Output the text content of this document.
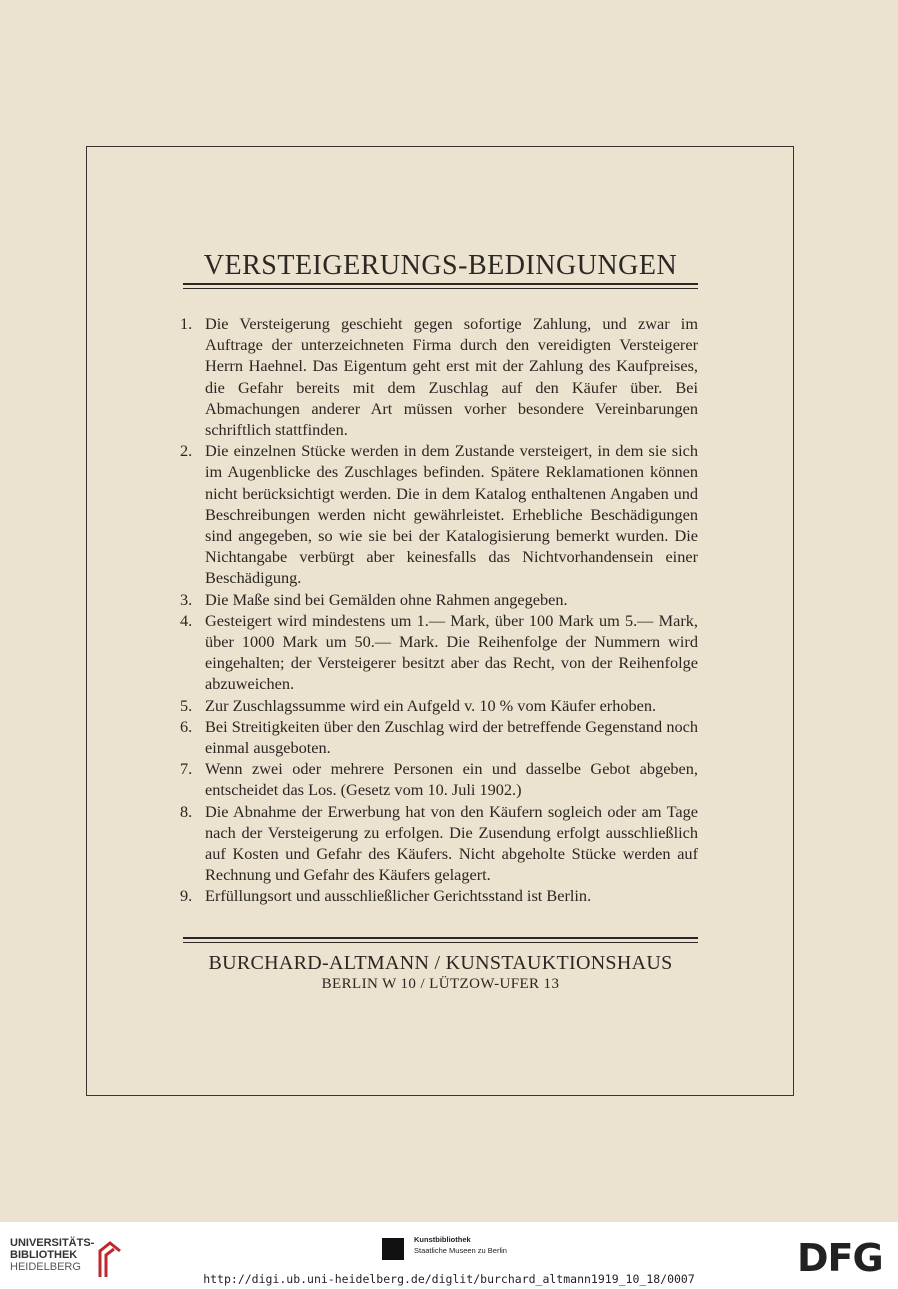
VERSTEIGERUNGS-BEDINGUNGEN
1. Die Versteigerung geschieht gegen sofortige Zahlung, und zwar im Auftrage der unterzeichneten Firma durch den vereidigten Versteigerer Herrn Haehnel. Das Eigentum geht erst mit der Zahlung des Kaufpreises, die Gefahr bereits mit dem Zuschlag auf den Käufer über. Bei Abmachungen anderer Art müssen vorher besondere Vereinbarungen schriftlich stattfinden.
2. Die einzelnen Stücke werden in dem Zustande versteigert, in dem sie sich im Augenblicke des Zuschlages befinden. Spätere Reklamationen können nicht berücksichtigt werden. Die in dem Katalog enthaltenen Angaben und Beschreibungen werden nicht gewährleistet. Erhebliche Beschädigungen sind angegeben, so wie sie bei der Katalogisierung bemerkt wurden. Die Nichtangabe verbürgt aber keinesfalls das Nichtvorhandensein einer Beschädigung.
3. Die Maße sind bei Gemälden ohne Rahmen angegeben.
4. Gesteigert wird mindestens um 1.— Mark, über 100 Mark um 5.— Mark, über 1000 Mark um 50.— Mark. Die Reihenfolge der Nummern wird eingehalten; der Versteigerer besitzt aber das Recht, von der Reihenfolge abzuweichen.
5. Zur Zuschlagssumme wird ein Aufgeld v. 10 % vom Käufer erhoben.
6. Bei Streitigkeiten über den Zuschlag wird der betreffende Gegenstand noch einmal ausgeboten.
7. Wenn zwei oder mehrere Personen ein und dasselbe Gebot abgeben, entscheidet das Los. (Gesetz vom 10. Juli 1902.)
8. Die Abnahme der Erwerbung hat von den Käufern sogleich oder am Tage nach der Versteigerung zu erfolgen. Die Zusendung erfolgt ausschließlich auf Kosten und Gefahr des Käufers. Nicht abgeholte Stücke werden auf Rechnung und Gefahr des Käufers gelagert.
9. Erfüllungsort und ausschließlicher Gerichtsstand ist Berlin.
BURCHARD-ALTMANN / KUNSTAUKTIONSHAUS
BERLIN W 10 / LÜTZOW-UFER 13
UNIVERSITÄTS-
BIBLIOTHEK
HEIDELBERG
Kunstbibliothek
Staatliche Museen zu Berlin	DFG
http://digi.ub.uni-heidelberg.de/diglit/burchard_altmann1919_10_18/0007
